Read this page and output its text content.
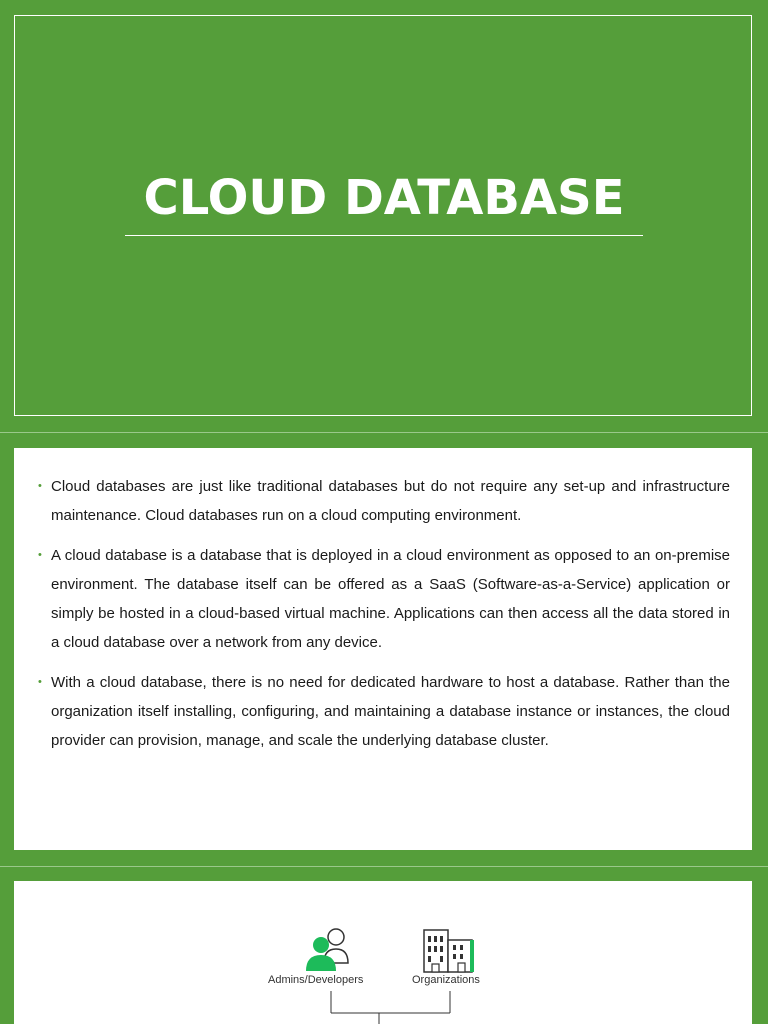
CLOUD DATABASE
• Cloud databases are just like traditional databases but do not require any set-up and infrastructure maintenance. Cloud databases run on a cloud computing environment.
• A cloud database is a database that is deployed in a cloud environment as opposed to an on-premise environment. The database itself can be offered as a SaaS (Software-as-a-Service) application or simply be hosted in a cloud-based virtual machine. Applications can then access all the data stored in a cloud database over a network from any device.
• With a cloud database, there is no need for dedicated hardware to host a database. Rather than the organization itself installing, configuring, and maintaining a database instance or instances, the cloud provider can provision, manage, and scale the underlying database cluster.
Admins/Developers	Organizations
